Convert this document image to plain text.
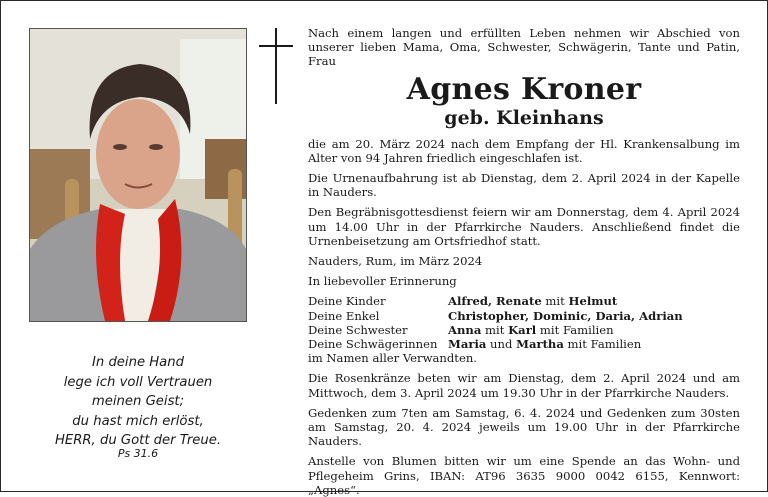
In deine Hand
lege ich voll Vertrauen
meinen Geist;
du hast mich erlöst,
HERR, du Gott der Treue.
Ps 31.6

Nach einem langen und erfüllten Leben nehmen wir Abschied von unserer lieben Mama, Oma, Schwester, Schwägerin, Tante und Patin, Frau

Agnes Kroner

geb. Kleinhans

die am 20. März 2024 nach dem Empfang der Hl. Krankensalbung im Alter von 94 Jahren friedlich eingeschlafen ist.

Die Urnenaufbahrung ist ab Dienstag, dem 2. April 2024 in der Kapelle in Nauders.

Den Begräbnisgottesdienst feiern wir am Donnerstag, dem 4. April 2024 um 14.00 Uhr in der Pfarrkirche Nauders. Anschließend findet die Urnenbeisetzung am Ortsfriedhof statt.

Nauders, Rum, im März 2024

In liebevoller Erinnerung

Deine Kinder	Alfred, Renate mit Helmut
Deine Enkel	Christopher, Dominic, Daria, Adrian
Deine Schwester	Anna mit Karl mit Familien
Deine Schwägerinnen Maria und Martha mit Familien
im Namen aller Verwandten.

Die Rosenkränze beten wir am Dienstag, dem 2. April 2024 und am Mittwoch, dem 3. April 2024 um 19.30 Uhr in der Pfarrkirche Nauders.

Gedenken zum 7ten am Samstag, 6. 4. 2024 und Gedenken zum 30sten am Samstag, 20. 4. 2024 jeweils um 19.00 Uhr in der Pfarrkirche Nauders.

Anstelle von Blumen bitten wir um eine Spende an das Wohn- und Pflegeheim Grins, IBAN: AT96 3635 9000 0042 6155, Kennwort: „Agnes“.
